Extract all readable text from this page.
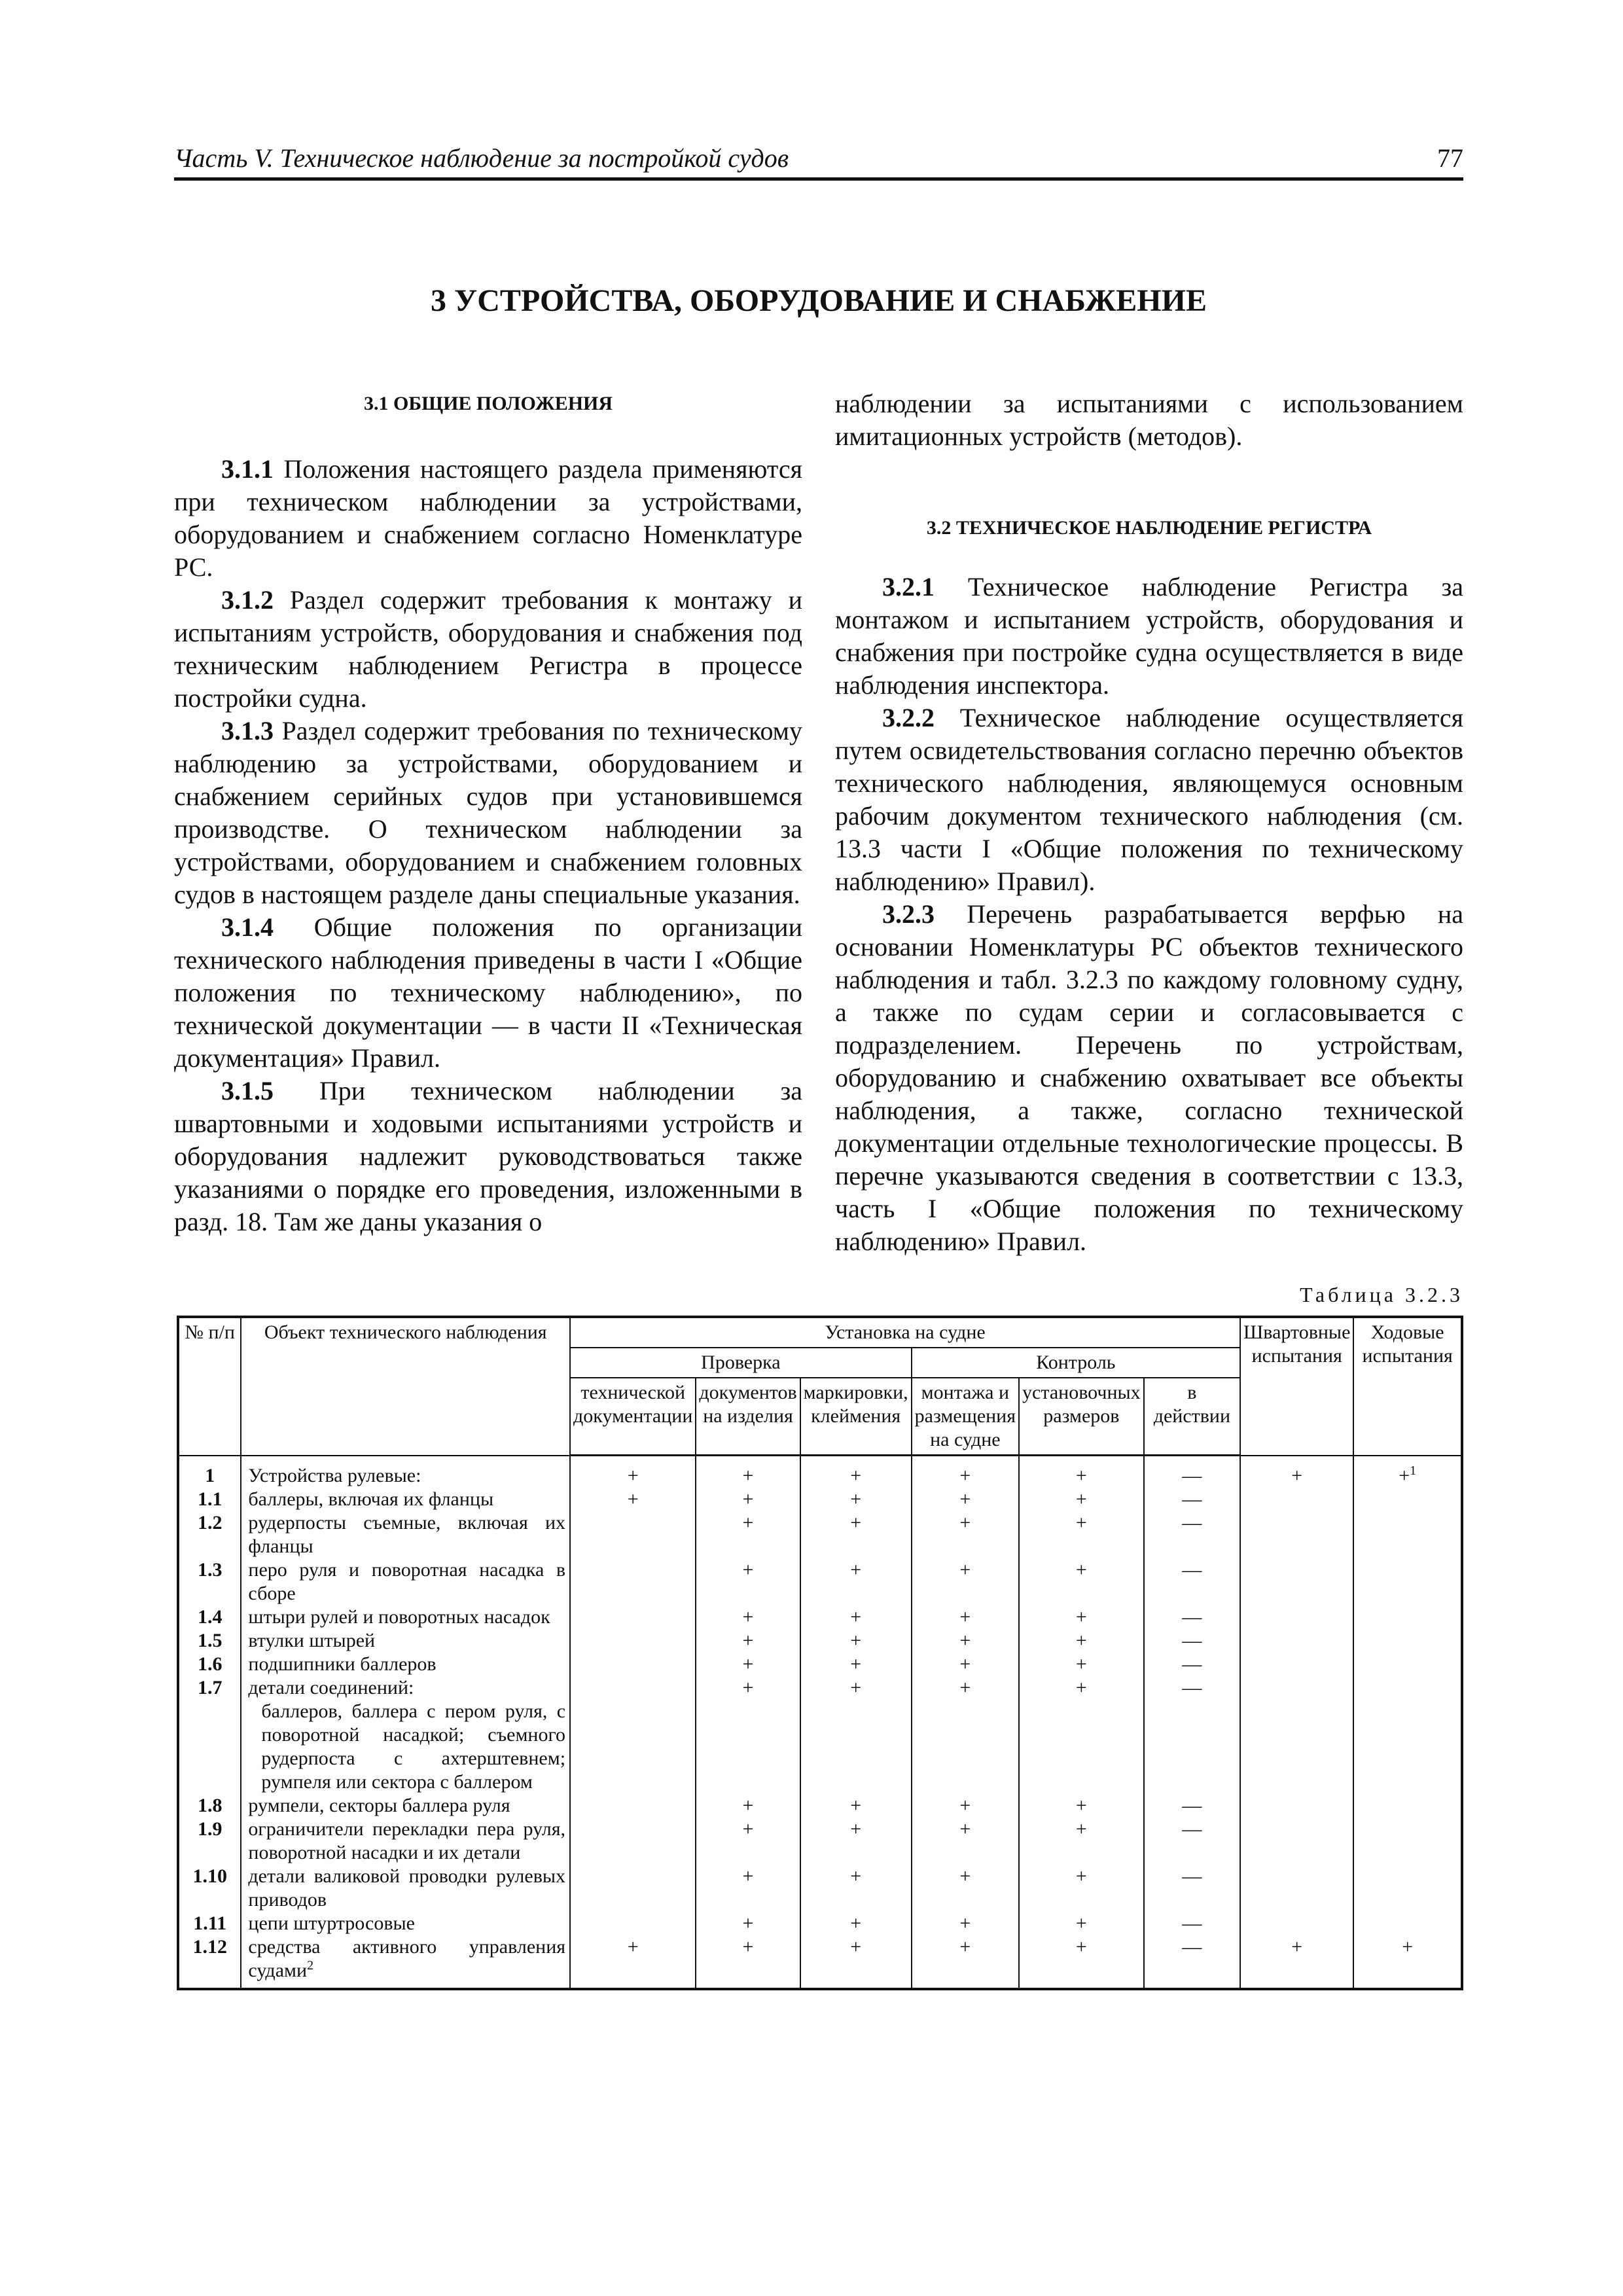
Часть V. Техническое наблюдение за постройкой судов	77
3 УСТРОЙСТВА, ОБОРУДОВАНИЕ И СНАБЖЕНИЕ

3.1 ОБЩИЕ ПОЛОЖЕНИЯ

3.1.1 Положения настоящего раздела применяются при техническом наблюдении за устройствами, оборудованием и снабжением согласно Номенклатуре РС.

3.1.2 Раздел содержит требования к монтажу и испытаниям устройств, оборудования и снабжения под техническим наблюдением Регистра в процессе постройки судна.

3.1.3 Раздел содержит требования по техническому наблюдению за устройствами, оборудованием и снабжением серийных судов при установившемся производстве. О техническом наблюдении за устройствами, оборудованием и снабжением головных судов в настоящем разделе даны специальные указания.

3.1.4 Общие положения по организации технического наблюдения приведены в части I «Общие положения по техническому наблюдению», по технической документации — в части II «Техническая документация» Правил.

3.1.5 При техническом наблюдении за швартовными и ходовыми испытаниями устройств и оборудования надлежит руководствоваться также указаниями о порядке его проведения, изложенными в разд. 18. Там же даны указания о

наблюдении за испытаниями с использованием имитационных устройств (методов).

3.2 ТЕХНИЧЕСКОЕ НАБЛЮДЕНИЕ РЕГИСТРА

3.2.1 Техническое наблюдение Регистра за монтажом и испытанием устройств, оборудования и снабжения при постройке судна осуществляется в виде наблюдения инспектора.

3.2.2 Техническое наблюдение осуществляется путем освидетельствования согласно перечню объектов технического наблюдения, являющемуся основным рабочим документом технического наблюдения (см. 13.3 части I «Общие положения по техническому наблюдению» Правил).

3.2.3 Перечень разрабатывается верфью на основании Номенклатуры РС объектов технического наблюдения и табл. 3.2.3 по каждому головному судну, а также по судам серии и согласовывается с подразделением. Перечень по устройствам, оборудованию и снабжению охватывает все объекты наблюдения, а также, согласно технической документации отдельные технологические процессы. В перечне указываются сведения в соответствии с 13.3, часть I «Общие положения по техническому наблюдению» Правил.

Таблица 3.2.3
№ п/п	Объект технического наблюдения	Установка на судне						Швартовные испытания	Ходовые испытания
		Проверка			Контроль				
		технической документации	документов на изделия	маркировки, клеймения	монтажа и размещения на судне	установочных размеров	в действии		
1	Устройства рулевые:	+	+	+	+	+	—	+	+$^1$
1.1	баллеры, включая их фланцы	+	+	+	+	+	—		
1.2	рудерпосты съемные, включая их фланцы		+	+	+	+	—		
1.3	перо руля и поворотная насадка в сборе		+	+	+	+	—		
1.4	штыри рулей и поворотных насадок		+	+	+	+	—		
1.5	втулки штырей		+	+	+	+	—		
1.6	подшипники баллеров		+	+	+	+	—		
1.7	детали соединений:		+	+	+	+	—		
	баллеров, баллера с пером руля, с поворотной насадкой; съемного рудерпоста с ахтерштевнем; румпеля или сектора с баллером								
1.8	румпели, секторы баллера руля		+	+	+	+	—		
1.9	ограничители перекладки пера руля, поворотной насадки и их детали		+	+	+	+	—		
1.10	детали валиковой проводки рулевых приводов		+	+	+	+	—		
1.11	цепи штуртросовые		+	+	+	+	—		
1.12	средства активного управления судами$^2$	+	+	+	+	+	—	+	+
